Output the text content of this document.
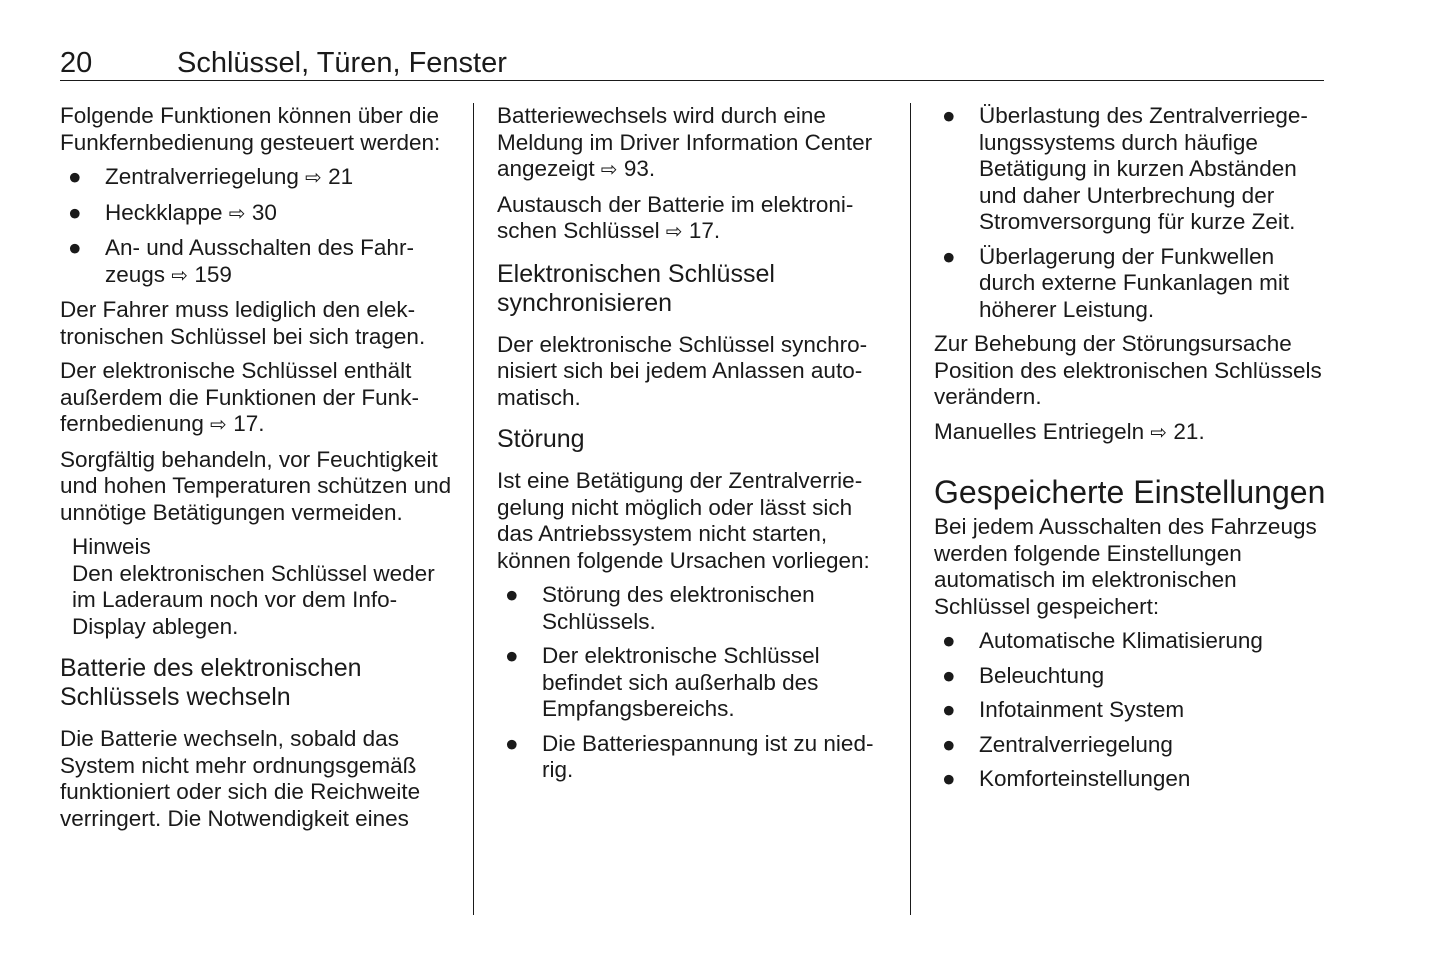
20	Schlüssel, Türen, Fenster

Folgende Funktionen können über die Funkfernbedienung gesteuert werden:

● Zentralverriegelung ⇨ 21
● Heckklappe ⇨ 30
● An- und Ausschalten des Fahrzeugs ⇨ 159

Der Fahrer muss lediglich den elektronischen Schlüssel bei sich tragen.

Der elektronische Schlüssel enthält außerdem die Funktionen der Funkfernbedienung ⇨ 17.

Sorgfältig behandeln, vor Feuchtigkeit und hohen Temperaturen schützen und unnötige Betätigungen vermeiden.

Hinweis
Den elektronischen Schlüssel weder im Laderaum noch vor dem Info-Display ablegen.
Batterie des elektronischen Schlüssels wechseln

Die Batterie wechseln, sobald das System nicht mehr ordnungsgemäß funktioniert oder sich die Reichweite verringert. Die Notwendigkeit eines

Batteriewechsels wird durch eine Meldung im Driver Information Center angezeigt ⇨ 93.

Austausch der Batterie im elektronischen Schlüssel ⇨ 17.

Elektronischen Schlüssel synchronisieren

Der elektronische Schlüssel synchronisiert sich bei jedem Anlassen automatisch.

Störung

Ist eine Betätigung der Zentralverriegelung nicht möglich oder lässt sich das Antriebssystem nicht starten, können folgende Ursachen vorliegen:

● Störung des elektronischen Schlüssels.
● Der elektronische Schlüssel befindet sich außerhalb des Empfangsbereichs.
● Die Batteriespannung ist zu niedrig.
● Überlastung des Zentralverriegelungssystems durch häufige Betätigung in kurzen Abständen und daher Unterbrechung der Stromversorgung für kurze Zeit.
● Überlagerung der Funkwellen durch externe Funkanlagen mit höherer Leistung.

Zur Behebung der Störungsursache Position des elektronischen Schlüssels verändern.

Manuelles Entriegeln ⇨ 21.

Gespeicherte Einstellungen

Bei jedem Ausschalten des Fahrzeugs werden folgende Einstellungen automatisch im elektronischen Schlüssel gespeichert:

● Automatische Klimatisierung
● Beleuchtung
● Infotainment System
● Zentralverriegelung
● Komforteinstellungen
